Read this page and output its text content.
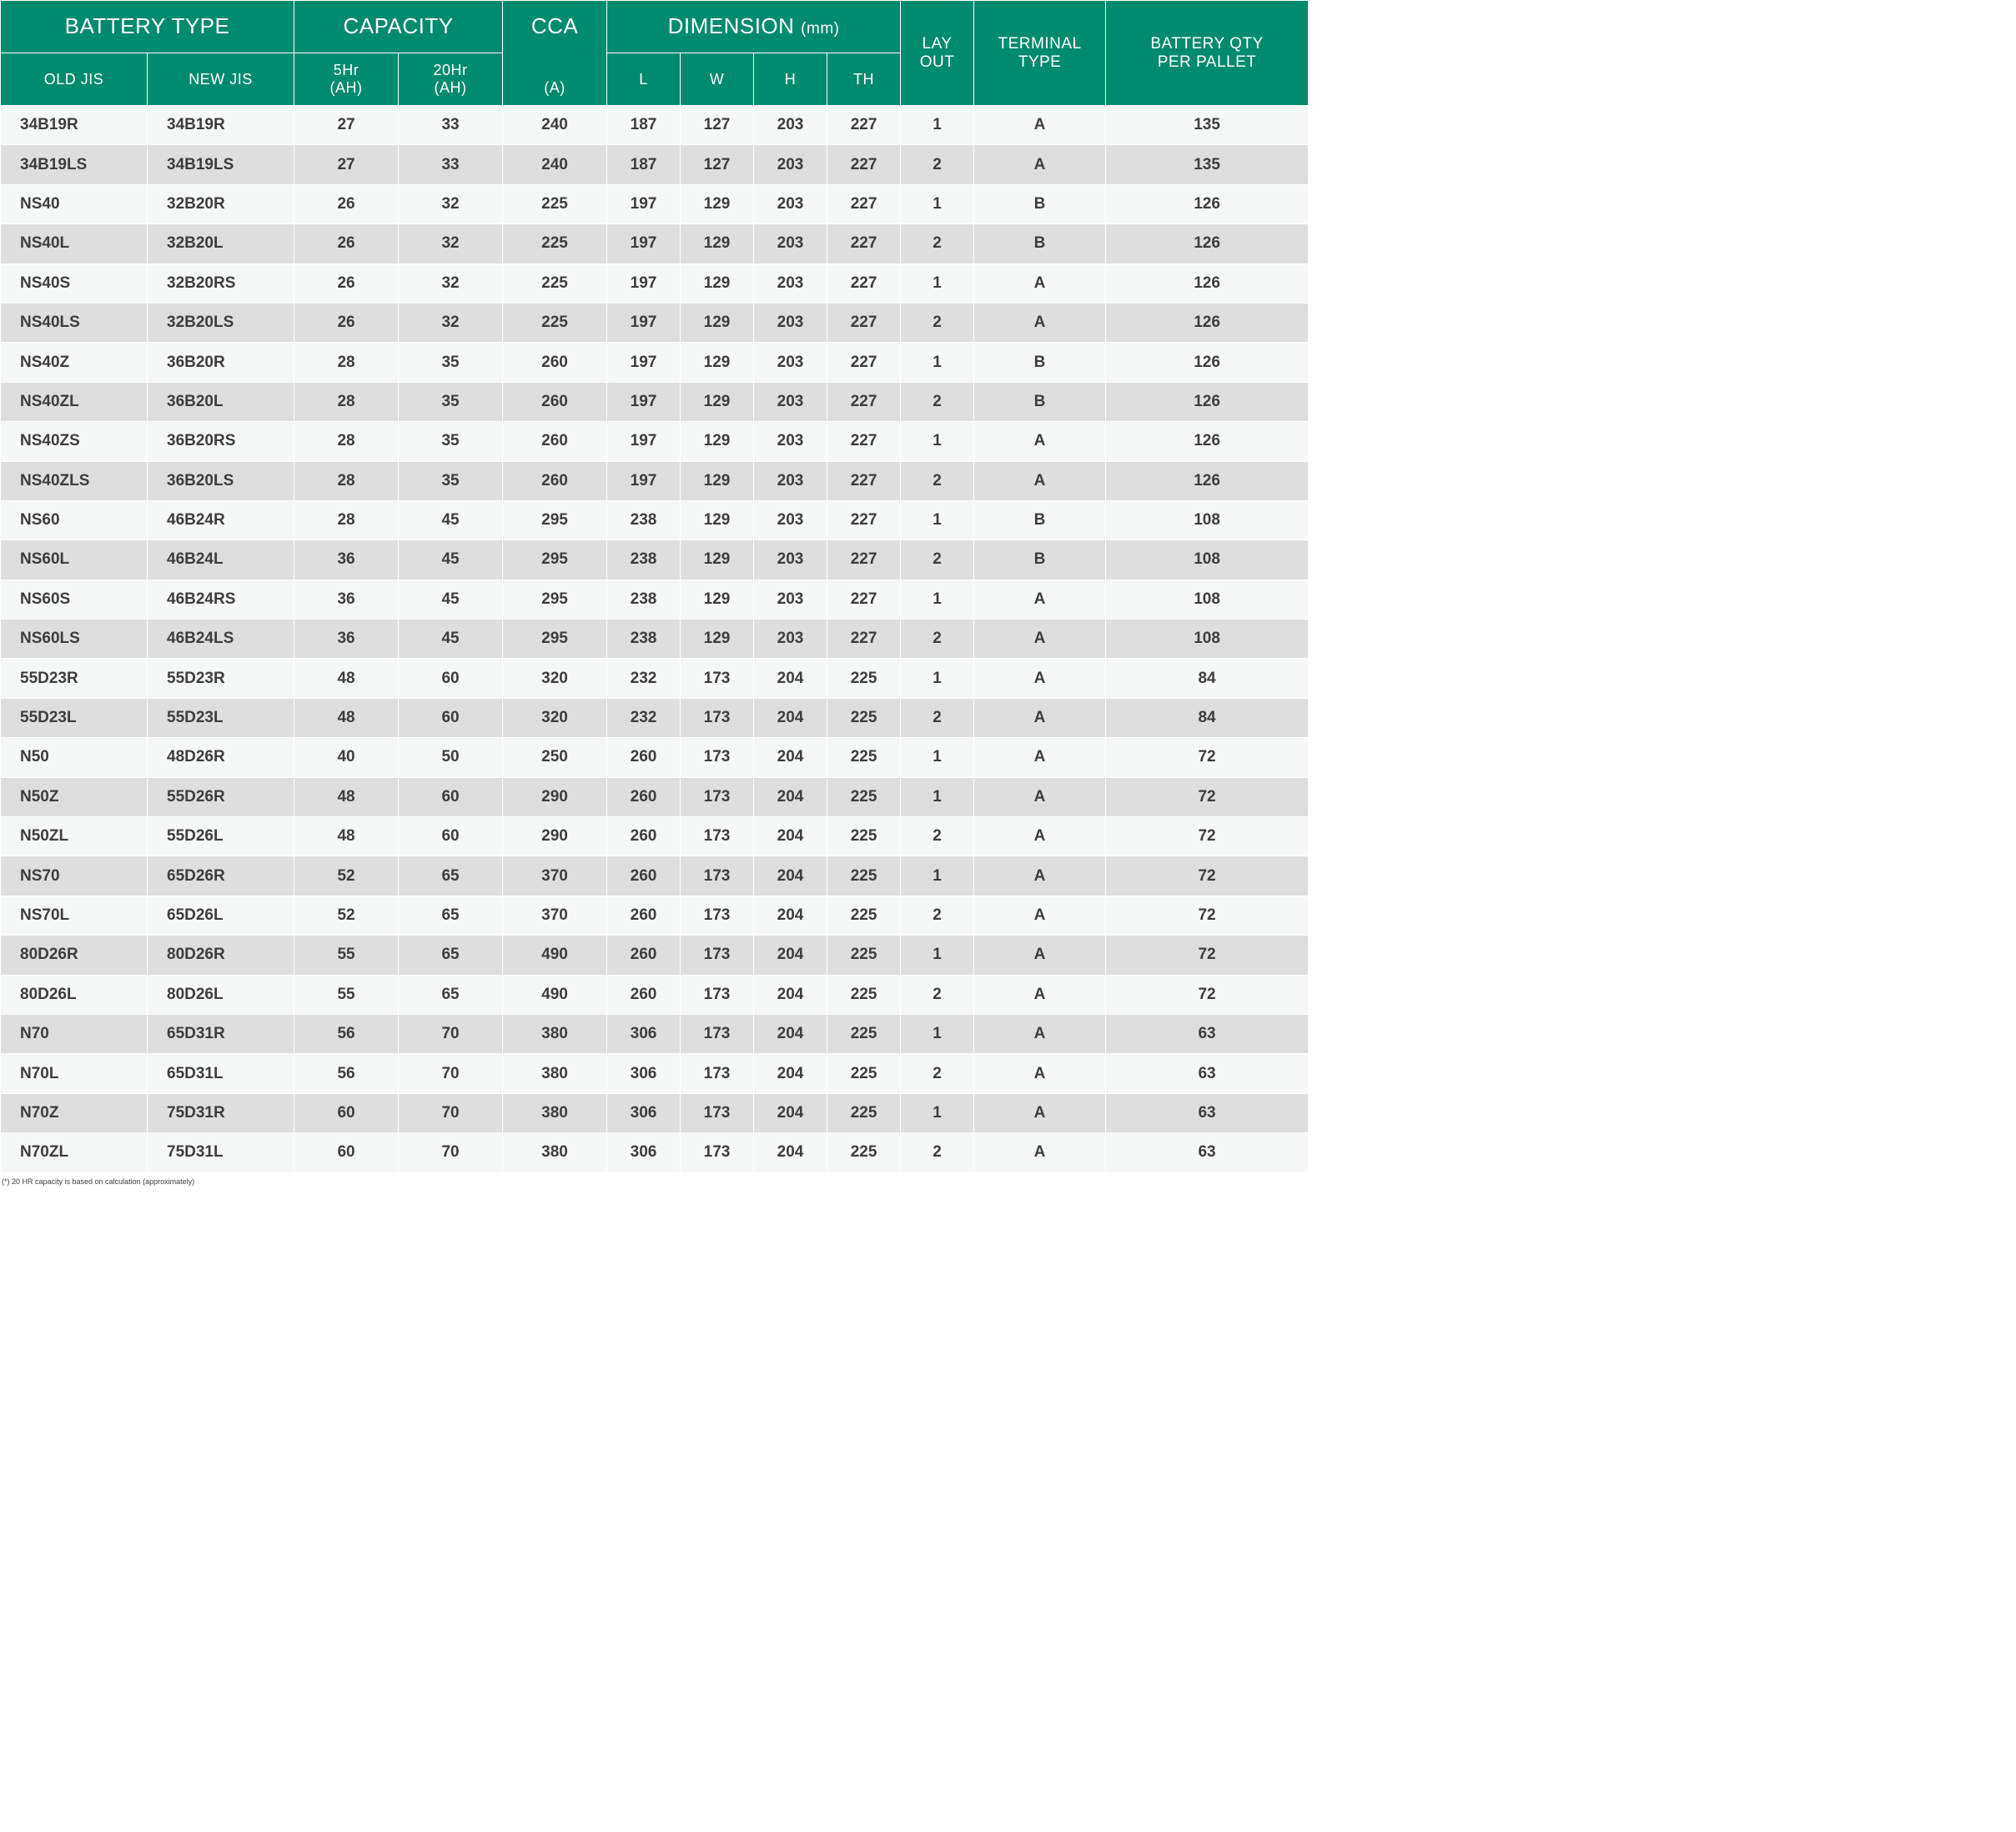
BATTERY TYPE		CAPACITY		CCA	DIMENSION (mm)				LAY OUT	TERMINAL TYPE	BATTERY QTY PER PALLET

OLD JIS	NEW JIS	5Hr (AH)	20Hr (AH)	(A)	L	W	H	TH			
34B19R	34B19R	27	33	240	187	127	203	227	1	A	135
34B19LS	34B19LS	27	33	240	187	127	203	227	2	A	135
NS40	32B20R	26	32	225	197	129	203	227	1	B	126
NS40L	32B20L	26	32	225	197	129	203	227	2	B	126
NS40S	32B20RS	26	32	225	197	129	203	227	1	A	126
NS40LS	32B20LS	26	32	225	197	129	203	227	2	A	126
NS40Z	36B20R	28	35	260	197	129	203	227	1	B	126
NS40ZL	36B20L	28	35	260	197	129	203	227	2	B	126
NS40ZS	36B20RS	28	35	260	197	129	203	227	1	A	126
NS40ZLS	36B20LS	28	35	260	197	129	203	227	2	A	126
NS60	46B24R	28	45	295	238	129	203	227	1	B	108
NS60L	46B24L	36	45	295	238	129	203	227	2	B	108
NS60S	46B24RS	36	45	295	238	129	203	227	1	A	108
NS60LS	46B24LS	36	45	295	238	129	203	227	2	A	108
55D23R	55D23R	48	60	320	232	173	204	225	1	A	84
55D23L	55D23L	48	60	320	232	173	204	225	2	A	84
N50	48D26R	40	50	250	260	173	204	225	1	A	72
N50Z	55D26R	48	60	290	260	173	204	225	1	A	72
N50ZL	55D26L	48	60	290	260	173	204	225	2	A	72
NS70	65D26R	52	65	370	260	173	204	225	1	A	72
NS70L	65D26L	52	65	370	260	173	204	225	2	A	72
80D26R	80D26R	55	65	490	260	173	204	225	1	A	72
80D26L	80D26L	55	65	490	260	173	204	225	2	A	72
N70	65D31R	56	70	380	306	173	204	225	1	A	63
N70L	65D31L	56	70	380	306	173	204	225	2	A	63
N70Z	75D31R	60	70	380	306	173	204	225	1	A	63
N70ZL	75D31L	60	70	380	306	173	204	225	2	A	63
(*) 20 HR capacity is based on calculation (approximately)
